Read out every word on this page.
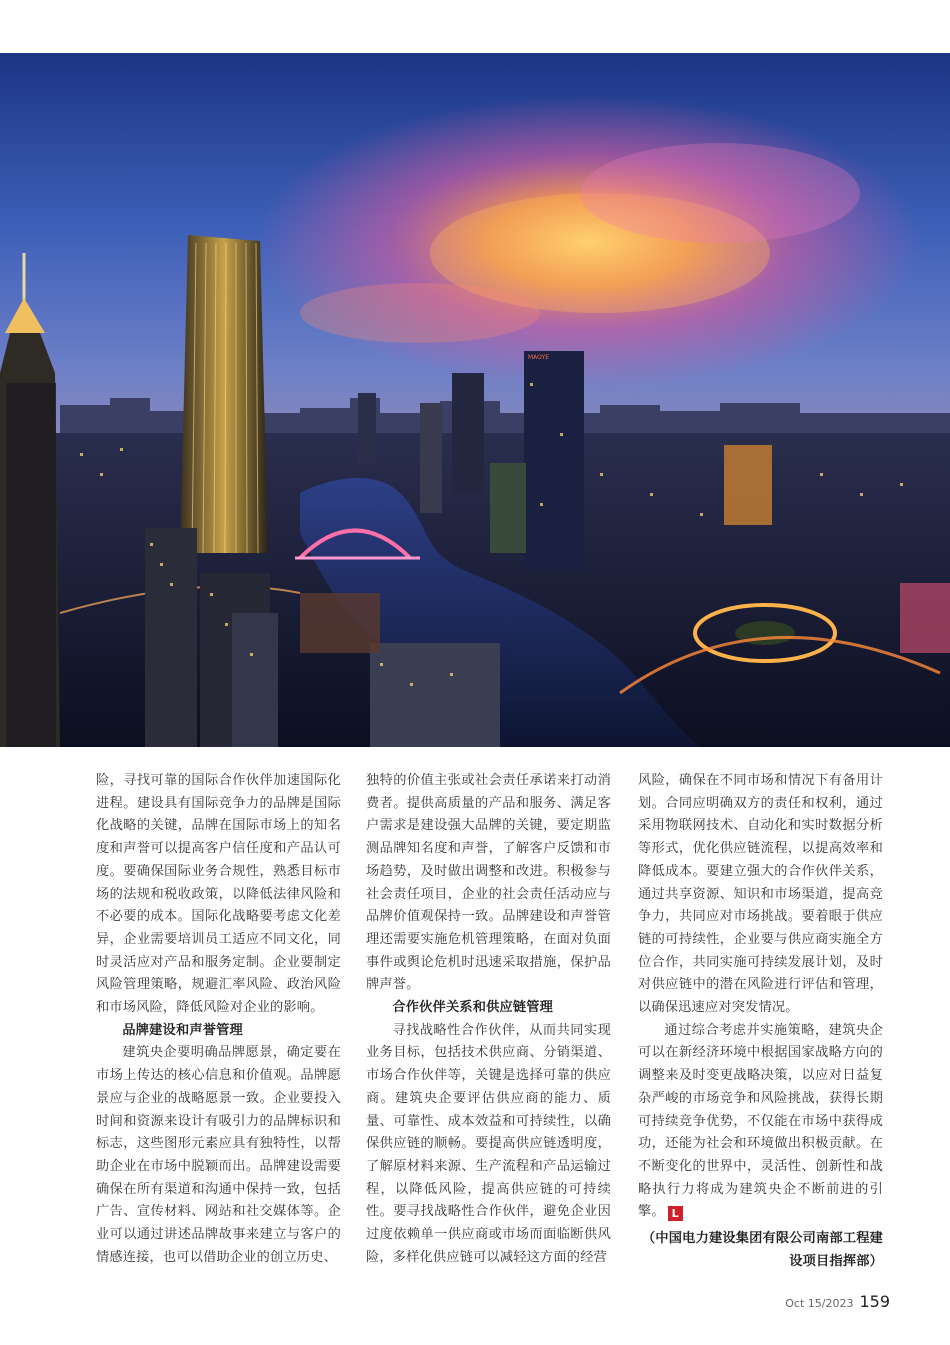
MAOYE

险，寻找可靠的国际合作伙伴加速国际化进程。建设具有国际竞争力的品牌是国际化战略的关键，品牌在国际市场上的知名度和声誉可以提高客户信任度和产品认可度。要确保国际业务合规性，熟悉目标市场的法规和税收政策，以降低法律风险和不必要的成本。国际化战略要考虑文化差异，企业需要培训员工适应不同文化，同时灵活应对产品和服务定制。企业要制定风险管理策略，规避汇率风险、政治风险和市场风险，降低风险对企业的影响。

品牌建设和声誉管理

建筑央企要明确品牌愿景，确定要在市场上传达的核心信息和价值观。品牌愿景应与企业的战略愿景一致。企业要投入时间和资源来设计有吸引力的品牌标识和标志，这些图形元素应具有独特性，以帮助企业在市场中脱颖而出。品牌建设需要确保在所有渠道和沟通中保持一致，包括广告、宣传材料、网站和社交媒体等。企业可以通过讲述品牌故事来建立与客户的情感连接，也可以借助企业的创立历史、

独特的价值主张或社会责任承诺来打动消费者。提供高质量的产品和服务、满足客户需求是建设强大品牌的关键，要定期监测品牌知名度和声誉，了解客户反馈和市场趋势，及时做出调整和改进。积极参与社会责任项目，企业的社会责任活动应与品牌价值观保持一致。品牌建设和声誉管理还需要实施危机管理策略，在面对负面事件或舆论危机时迅速采取措施，保护品牌声誉。

合作伙伴关系和供应链管理

寻找战略性合作伙伴，从而共同实现业务目标，包括技术供应商、分销渠道、市场合作伙伴等，关键是选择可靠的供应商。建筑央企要评估供应商的能力、质量、可靠性、成本效益和可持续性，以确保供应链的顺畅。要提高供应链透明度，了解原材料来源、生产流程和产品运输过程，以降低风险，提高供应链的可持续性。要寻找战略性合作伙伴，避免企业因过度依赖单一供应商或市场而面临断供风险，多样化供应链可以减轻这方面的经营

风险，确保在不同市场和情况下有备用计划。合同应明确双方的责任和权利，通过采用物联网技术、自动化和实时数据分析等形式，优化供应链流程，以提高效率和降低成本。要建立强大的合作伙伴关系，通过共享资源、知识和市场渠道，提高竞争力，共同应对市场挑战。要着眼于供应链的可持续性，企业要与供应商实施全方位合作，共同实施可持续发展计划，及时对供应链中的潜在风险进行评估和管理，以确保迅速应对突发情况。

通过综合考虑并实施策略，建筑央企可以在新经济环境中根据国家战略方向的调整来及时变更战略决策，以应对日益复杂严峻的市场竞争和风险挑战，获得长期可持续竞争优势，不仅能在市场中获得成功，还能为社会和环境做出积极贡献。在不断变化的世界中，灵活性、创新性和战略执行力将成为建筑央企不断前进的引擎。 L

（中国电力建设集团有限公司南部工程建设项目指挥部）

Oct 15/2023 159
